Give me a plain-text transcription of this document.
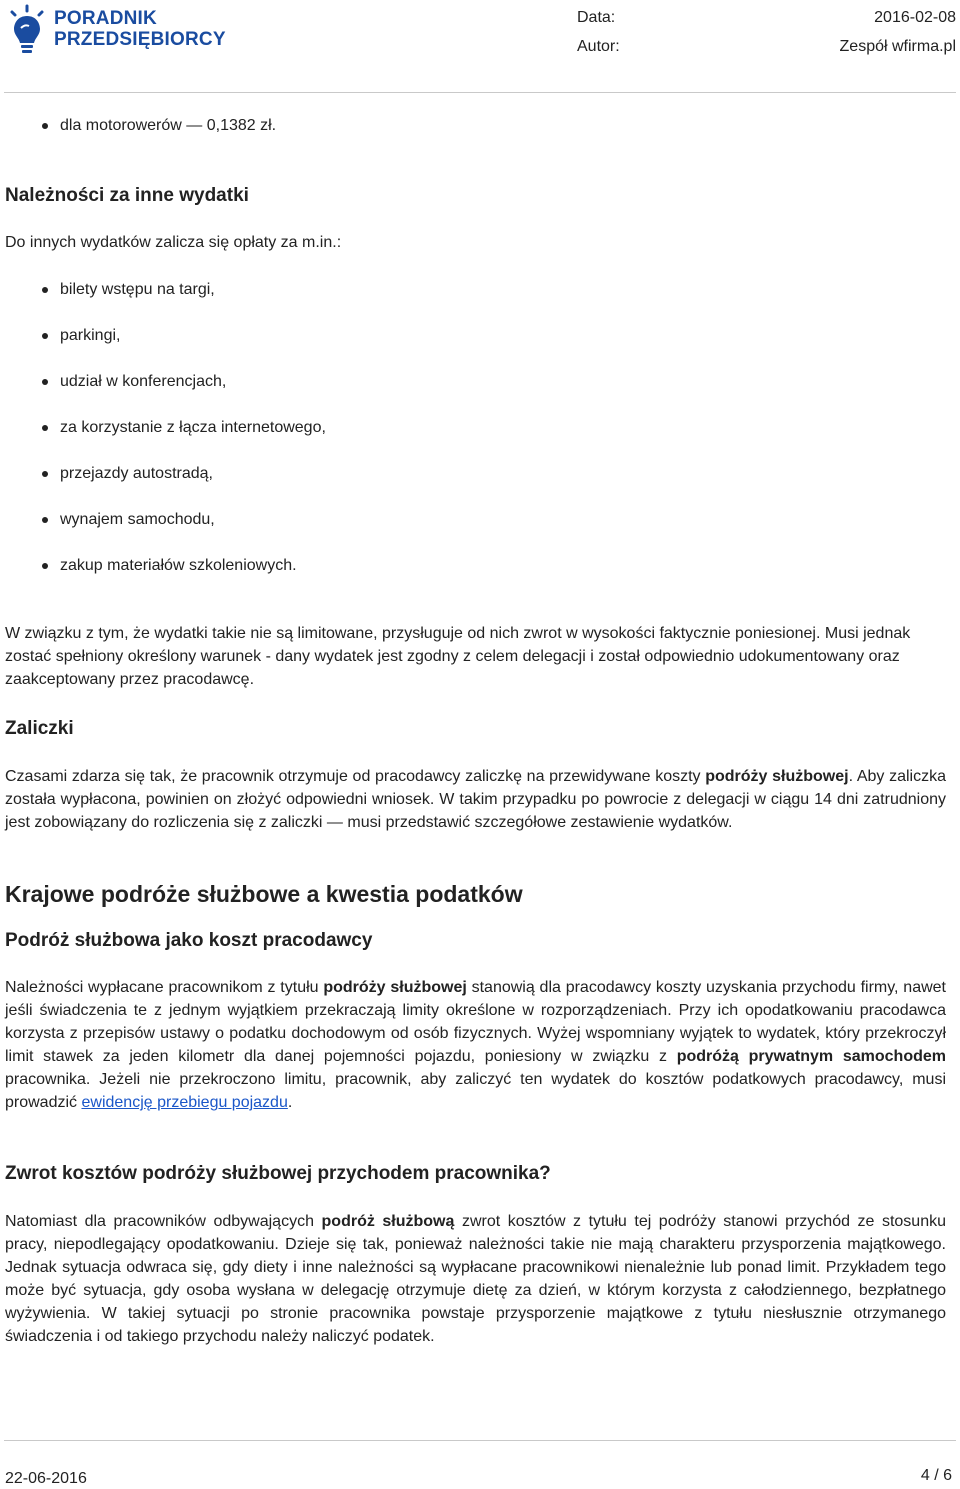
PORADNIK
PRZEDSIĘBIORCY
Data:
Autor:
2016-02-08
Zespół wfirma.pl
dla motorowerów — 0,1382 zł.
Należności za inne wydatki

Do innych wydatków zalicza się opłaty za m.in.:

bilety wstępu na targi,
parkingi,
udział w konferencjach,
za korzystanie z łącza internetowego,
przejazdy autostradą,
wynajem samochodu,
zakup materiałów szkoleniowych.

W związku z tym, że wydatki takie nie są limitowane, przysługuje od nich zwrot w wysokości faktycznie poniesionej. Musi jednak zostać spełniony określony warunek - dany wydatek jest zgodny z celem delegacji i został odpowiednio udokumentowany oraz zaakceptowany przez pracodawcę.

Zaliczki

Czasami zdarza się tak, że pracownik otrzymuje od pracodawcy zaliczkę na przewidywane koszty podróży służbowej. Aby zaliczka została wypłacona, powinien on złożyć odpowiedni wniosek. W takim przypadku po powrocie z delegacji w ciągu 14 dni zatrudniony jest zobowiązany do rozliczenia się z zaliczki — musi przedstawić szczegółowe zestawienie wydatków.

Krajowe podróże służbowe a kwestia podatków
Podróż służbowa jako koszt pracodawcy

Należności wypłacane pracownikom z tytułu podróży służbowej stanowią dla pracodawcy koszty uzyskania przychodu firmy, nawet jeśli świadczenia te z jednym wyjątkiem przekraczają limity określone w rozporządzeniach. Przy ich opodatkowaniu pracodawca korzysta z przepisów ustawy o podatku dochodowym od osób fizycznych. Wyżej wspomniany wyjątek to wydatek, który przekroczył limit stawek za jeden kilometr dla danej pojemności pojazdu, poniesiony w związku z podróżą prywatnym samochodem pracownika. Jeżeli nie przekroczono limitu, pracownik, aby zaliczyć ten wydatek do kosztów podatkowych pracodawcy, musi prowadzić ewidencję przebiegu pojazdu.

Zwrot kosztów podróży służbowej przychodem pracownika?

Natomiast dla pracowników odbywających podróż służbową zwrot kosztów z tytułu tej podróży stanowi przychód ze stosunku pracy, niepodlegający opodatkowaniu. Dzieje się tak, ponieważ należności takie nie mają charakteru przysporzenia majątkowego. Jednak sytuacja odwraca się, gdy diety i inne należności są wypłacane pracownikowi nienależnie lub ponad limit. Przykładem tego może być sytuacja, gdy osoba wysłana w delegację otrzymuje dietę za dzień, w którym korzysta z całodziennego, bezpłatnego wyżywienia. W takiej sytuacji po stronie pracownika powstaje przysporzenie majątkowe z tytułu niesłusznie otrzymanego świadczenia i od takiego przychodu należy naliczyć podatek.

22-06-2016	4 / 6
